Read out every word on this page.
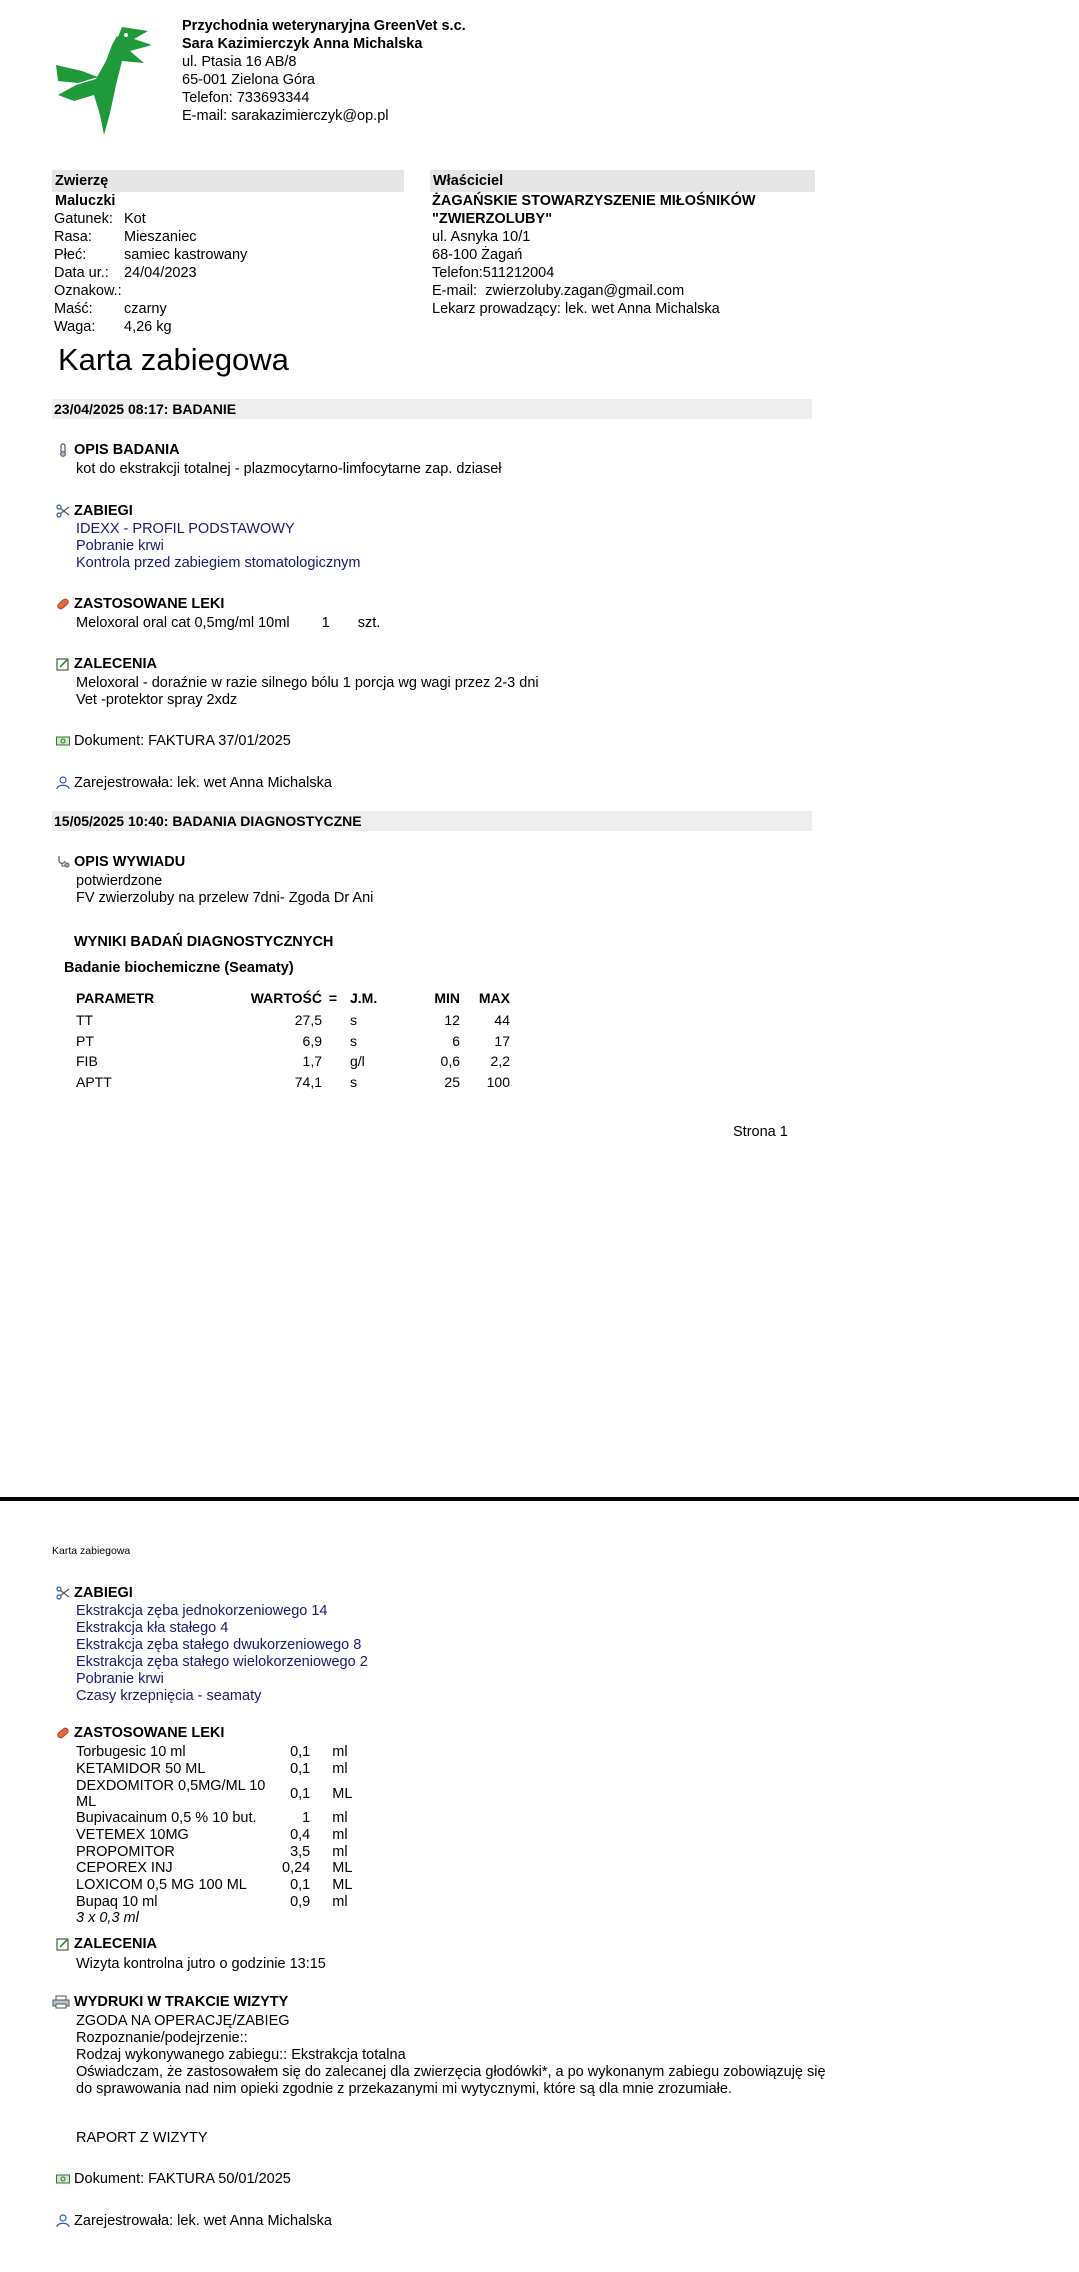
Przychodnia weterynaryjna GreenVet s.c.
Sara Kazimierczyk Anna Michalska
ul. Ptasia 16 AB/8
65-001 Zielona Góra
Telefon: 733693344
E-mail: sarakazimierczyk@op.pl
Zwierzę
Maluczki
Gatunek: Kot
Rasa: Mieszaniec
Płeć:	samiec kastrowany
Data ur.: 24/04/2023
Oznakow.:
Maść: czarny
Waga: 4,26 kg
Właściciel
ŻAGAŃSKIE STOWARZYSZENIE MIŁOŚNIKÓW
"ZWIERZOLUBY"
ul. Asnyka 10/1
68-100 Żagań
Telefon:511212004
E-mail: zwierzoluby.zagan@gmail.com
Lekarz prowadzący: lek. wet Anna Michalska
Karta zabiegowa
23/04/2025 08:17: BADANIE
OPIS BADANIA
kot do ekstrakcji totalnej - plazmocytarno-limfocytarne zap. dziaseł
ZABIEGI
IDEXX - PROFIL PODSTAWOWY
Pobranie krwi
Kontrola przed zabiegiem stomatologicznym
ZASTOSOWANE LEKI
Meloxoral oral cat 0,5mg/ml 10ml 1 szt.
ZALECENIA
Meloxoral - doraźnie w razie silnego bólu 1 porcja wg wagi przez 2-3 dni
Vet -protektor spray 2xdz
Dokument: FAKTURA 37/01/2025
Zarejestrowała: lek. wet Anna Michalska
15/05/2025 10:40: BADANIA DIAGNOSTYCZNE
OPIS WYWIADU
potwierdzone
FV zwierzoluby na przelew 7dni- Zgoda Dr Ani
WYNIKI BADAŃ DIAGNOSTYCZNYCH
Badanie biochemiczne (Seamaty)
PARAMETR	WARTOŚĆ	=	J.M.	MIN	MAX
TT	27,5		s	12	44
PT	6,9		s	6	17
FIB	1,7		g/l	0,6	2,2
APTT	74,1		s	25	100
Strona 1
Karta zabiegowa
ZABIEGI
Ekstrakcja zęba jednokorzeniowego 14
Ekstrakcja kła stałego 4
Ekstrakcja zęba stałego dwukorzeniowego 8
Ekstrakcja zęba stałego wielokorzeniowego 2
Pobranie krwi
Czasy krzepnięcia - seamaty
ZASTOSOWANE LEKI
Torbugesic 10 ml	0,1	ml
KETAMIDOR 50 ML	0,1	ml
DEXDOMITOR 0,5MG/ML 10 ML	0,1	ML
Bupivacainum 0,5 % 10 but.	1	ml
VETEMEX 10MG	0,4	ml
PROPOMITOR	3,5	ml
CEPOREX INJ	0,24	ML
LOXICOM 0,5 MG 100 ML	0,1	ML
Bupaq 10 ml	0,9	ml
3 x 0,3 ml
ZALECENIA
Wizyta kontrolna jutro o godzinie 13:15
WYDRUKI W TRAKCIE WIZYTY
ZGODA NA OPERACJĘ/ZABIEG
Rozpoznanie/podejrzenie::
Rodzaj wykonywanego zabiegu:: Ekstrakcja totalna
Oświadczam, że zastosowałem się do zalecanej dla zwierzęcia głodówki*, a po wykonanym zabiegu zobowiązuję się
do sprawowania nad nim opieki zgodnie z przekazanymi mi wytycznymi, które są dla mnie zrozumiałe.
RAPORT Z WIZYTY
Dokument: FAKTURA 50/01/2025
Zarejestrowała: lek. wet Anna Michalska
